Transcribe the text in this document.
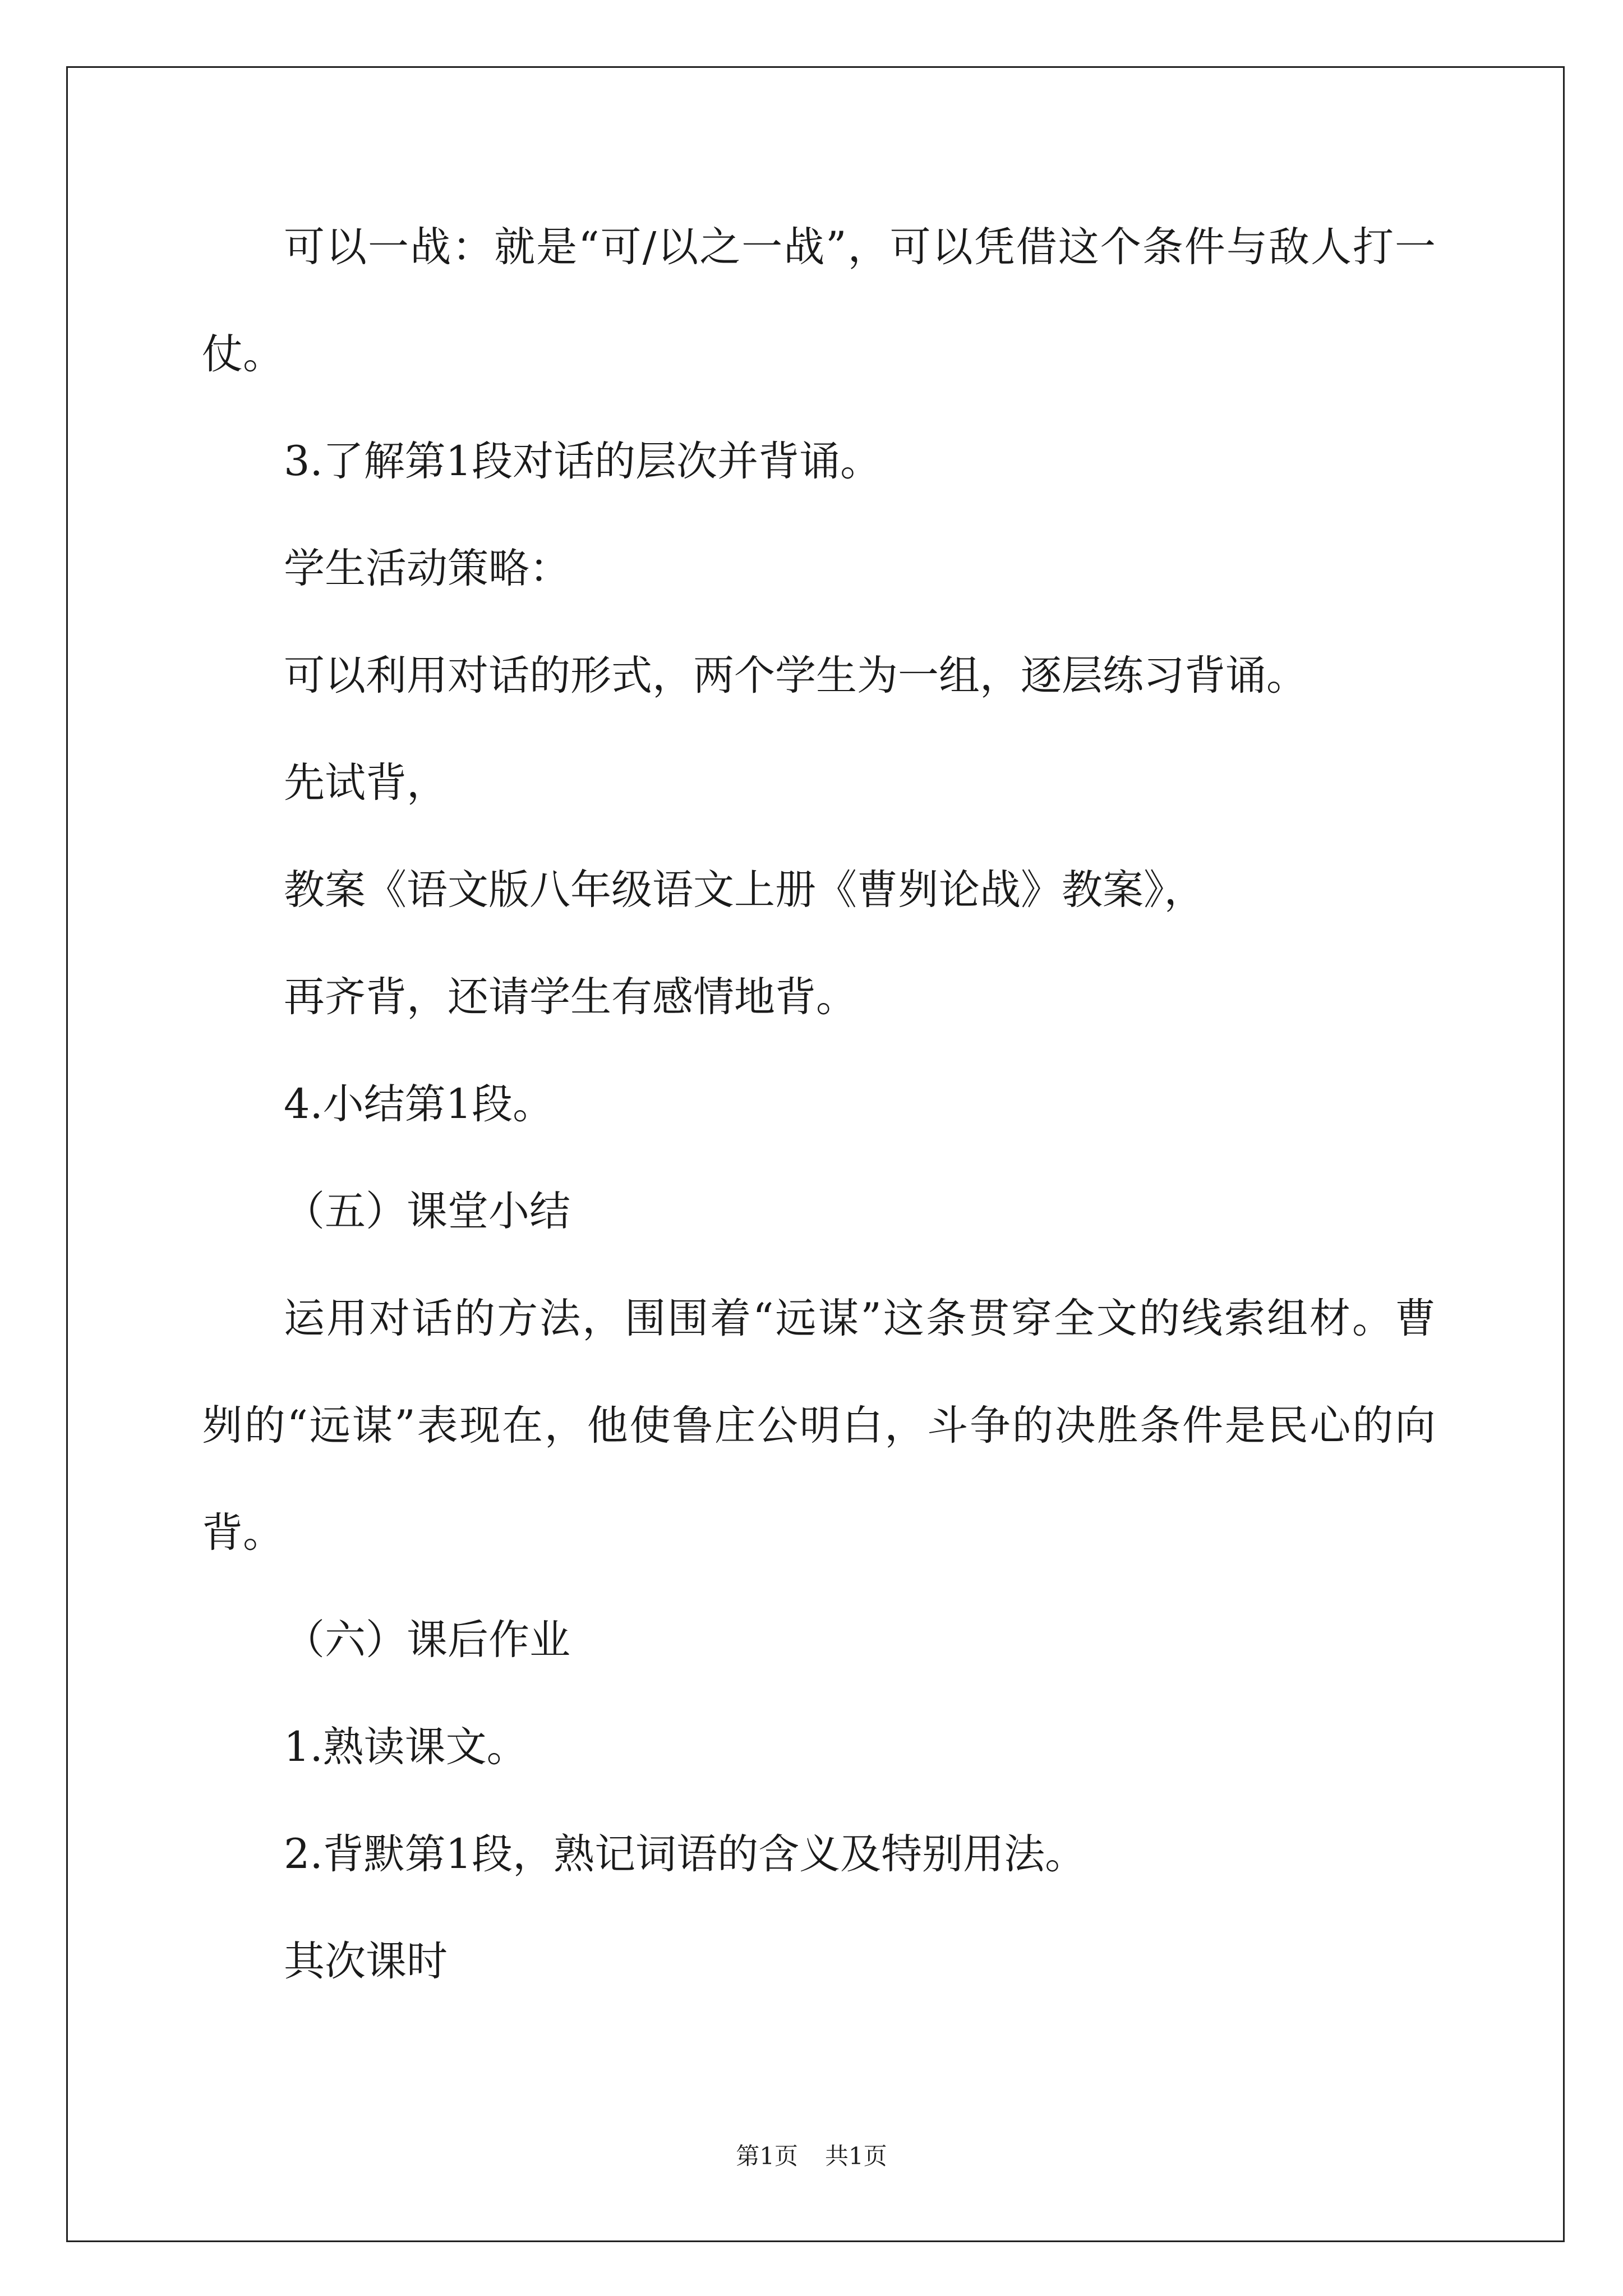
可以一战：就是“可/以之一战”，可以凭借这个条件与敌人打一
仗。

3.了解第1段对话的层次并背诵。

学生活动策略：

可以利用对话的形式，两个学生为一组，逐层练习背诵。

先试背，

教案《语文版八年级语文上册《曹刿论战》教案》，

再齐背，还请学生有感情地背。

4.小结第1段。

（五）课堂小结

运用对话的方法，围围着“远谋”这条贯穿全文的线索组材。曹
刿的“远谋”表现在，他使鲁庄公明白，斗争的决胜条件是民心的向
背。

（六）课后作业

1.熟读课文。

2.背默第1段，熟记词语的含义及特别用法。

其次课时

第1页 共1页
